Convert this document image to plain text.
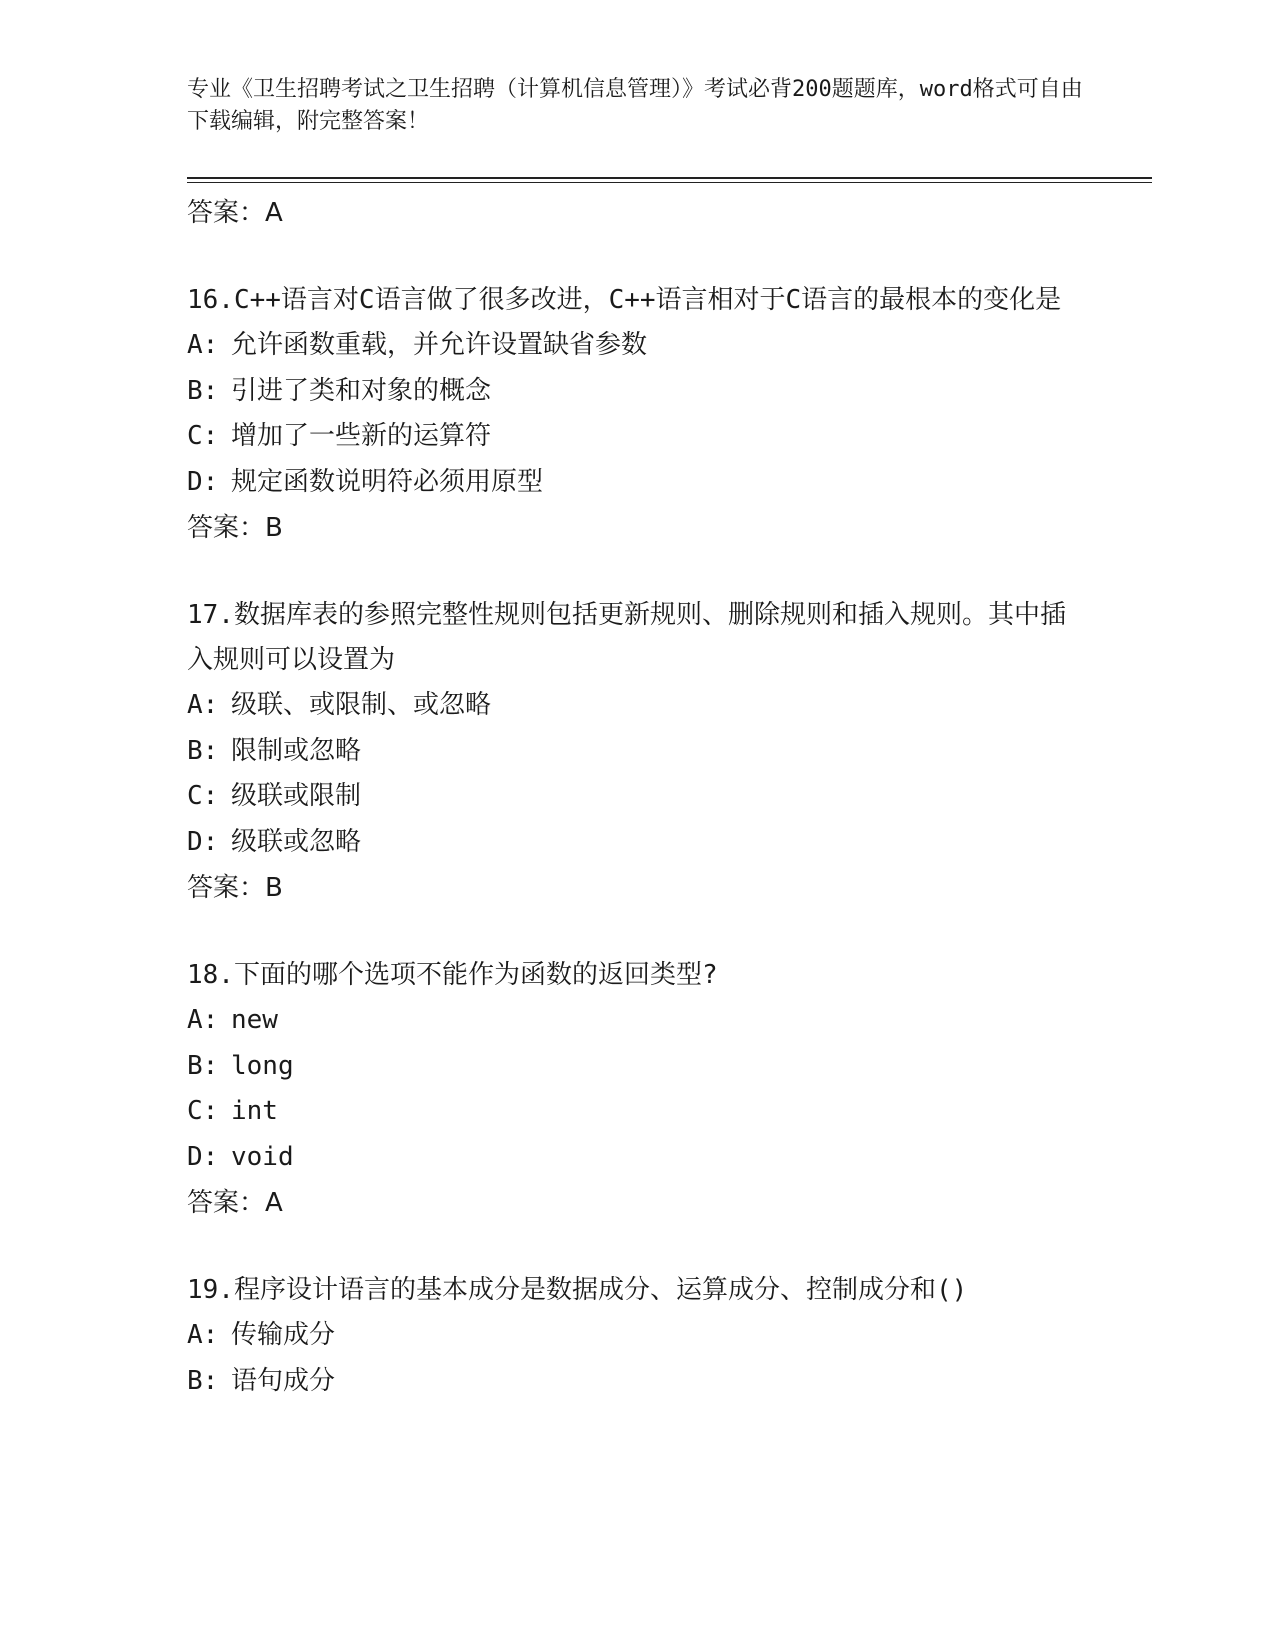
专业《卫生招聘考试之卫生招聘（计算机信息管理）》考试必背200题题库，word格式可自由下载编辑，附完整答案！
答案：A
16.C++语言对C语言做了很多改进，C++语言相对于C语言的最根本的变化是
A: 允许函数重载，并允许设置缺省参数
B: 引进了类和对象的概念
C: 增加了一些新的运算符
D: 规定函数说明符必须用原型
答案：B
17.数据库表的参照完整性规则包括更新规则、删除规则和插入规则。其中插入规则可以设置为
A: 级联、或限制、或忽略
B: 限制或忽略
C: 级联或限制
D: 级联或忽略
答案：B
18.下面的哪个选项不能作为函数的返回类型?
A: new
B: long
C: int
D: void
答案：A
19.程序设计语言的基本成分是数据成分、运算成分、控制成分和()
A: 传输成分
B: 语句成分
